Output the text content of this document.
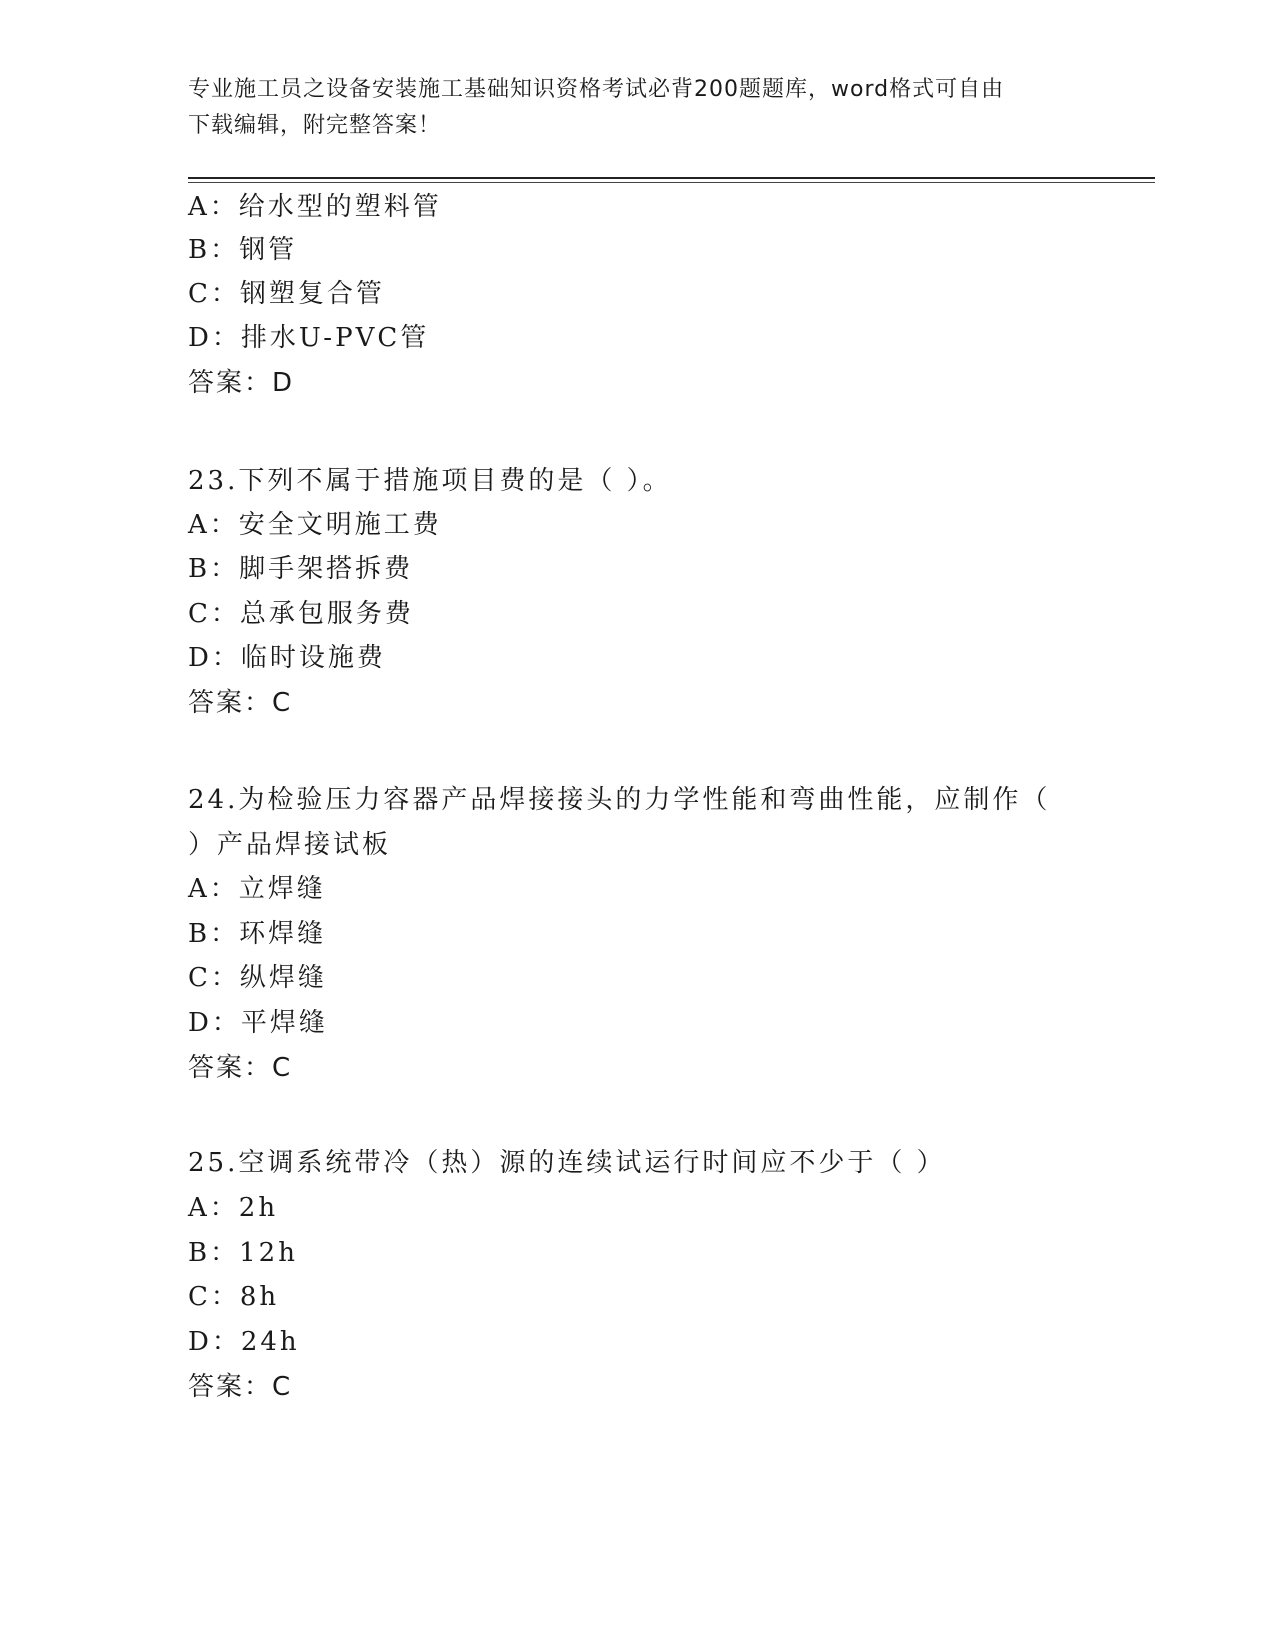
专业施工员之设备安装施工基础知识资格考试必背200题题库，word格式可自由
下载编辑，附完整答案！
A：给水型的塑料管
B：钢管
C：钢塑复合管
D：排水U-PVC管
答案：D
23.下列不属于措施项目费的是（ ）。
A：安全文明施工费
B：脚手架搭拆费
C：总承包服务费
D：临时设施费
答案：C
24.为检验压力容器产品焊接接头的力学性能和弯曲性能，应制作（
）产品焊接试板
A：立焊缝
B：环焊缝
C：纵焊缝
D：平焊缝
答案：C
25.空调系统带冷（热）源的连续试运行时间应不少于（ ）
A：2h
B：12h
C：8h
D：24h
答案：C
